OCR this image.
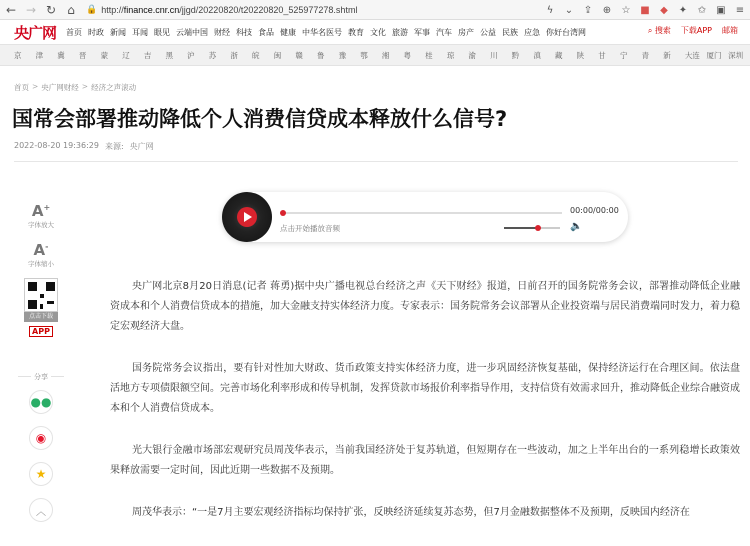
← → ↻ ⌂	🔒 http://finance.cnr.cn/jjgd/20220820/t20220820_525977278.shtml	ϟ ⌄ ⇪ ⊕ ☆ ■ ◆ ✦ ✩ ▣ ≡
央广网 首页 时政 新闻 耳闻 眼见 云端中国 财经 科技 食品 健康 中华名医号 教育 文化 旅游 军事 汽车 房产 公益 民族 应急 你好台湾网
⌕	搜索 下载APP 邮箱
京	津	冀	晋	蒙	辽	吉	黑	沪	苏	浙	皖	闽	赣	鲁	豫	鄂	湘	粤	桂	琼	渝	川	黔	滇	藏	陕	甘	宁	青	新	大连 厦门 深圳
首页 > 央广网财经 > 经济之声滚动
国常会部署推动降低个人消费信贷成本释放什么信号?
2022-08-20 19:36:29 来源: 央广网
A+
字体放大
A-
字体缩小
点击下载
APP
分享
●●
◉
★
︿
00:00/00:00
点击开始播放音频	🔈

央广网北京8月20日消息(记者 蒋勇)据中央广播电视总台经济之声《天下财经》报道，日前召开的国务院常务会议，部署推动降低企业融资成本和个人消费信贷成本的措施，加大金融支持实体经济力度。专家表示：国务院常务会议部署从企业投资端与居民消费端同时发力，着力稳定宏观经济大盘。

国务院常务会议指出，要有针对性加大财政、货币政策支持实体经济力度，进一步巩固经济恢复基础，保持经济运行在合理区间。依法盘活地方专项债限额空间。完善市场化利率形成和传导机制，发挥贷款市场报价利率指导作用，支持信贷有效需求回升，推动降低企业综合融资成本和个人消费信贷成本。

光大银行金融市场部宏观研究员周茂华表示，当前我国经济处于复苏轨道，但短期存在一些波动，加之上半年出台的一系列稳增长政策效果释放需要一定时间，因此近期一些数据不及预期。

周茂华表示：“一是7月主要宏观经济指标均保持扩张，反映经济延续复苏态势，但7月金融数据整体不及预期，反映国内经济在
